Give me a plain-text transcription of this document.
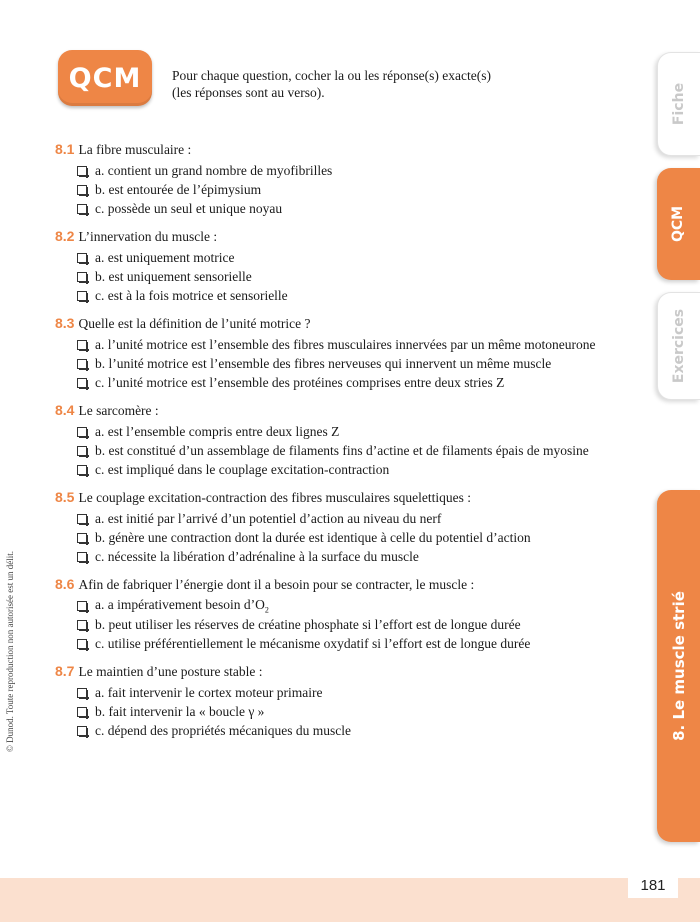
QCM	Pour chaque question, cocher la ou les réponse(s) exacte(s)
(les réponses sont au verso).
8.1 La fibre musculaire :
a. contient un grand nombre de myofibrilles
b. est entourée de l’épimysium
c. possède un seul et unique noyau
8.2 L’innervation du muscle :
a. est uniquement motrice
b. est uniquement sensorielle
c. est à la fois motrice et sensorielle
8.3 Quelle est la définition de l’unité motrice ?
a. l’unité motrice est l’ensemble des fibres musculaires innervées par un même motoneurone
b. l’unité motrice est l’ensemble des fibres nerveuses qui innervent un même muscle
c. l’unité motrice est l’ensemble des protéines comprises entre deux stries Z
8.4 Le sarcomère :
a. est l’ensemble compris entre deux lignes Z
b. est constitué d’un assemblage de filaments fins d’actine et de filaments épais de myosine
c. est impliqué dans le couplage excitation-contraction
8.5 Le couplage excitation-contraction des fibres musculaires squelettiques :
a. est initié par l’arrivé d’un potentiel d’action au niveau du nerf
b. génère une contraction dont la durée est identique à celle du potentiel d’action
c. nécessite la libération d’adrénaline à la surface du muscle
8.6 Afin de fabriquer l’énergie dont il a besoin pour se contracter, le muscle :
a. a impérativement besoin $d’O_2$
b. peut utiliser les réserves de créatine phosphate si l’effort est de longue durée
c. utilise préférentiellement le mécanisme oxydatif si l’effort est de longue durée
8.7 Le maintien d’une posture stable :
a. fait intervenir le cortex moteur primaire
b. fait intervenir la « boucle γ »
c. dépend des propriétés mécaniques du muscle
Fiche
QCM
Exercices
8. Le muscle strié
© Dunod. Toute reproduction non autorisée est un délit.
181
